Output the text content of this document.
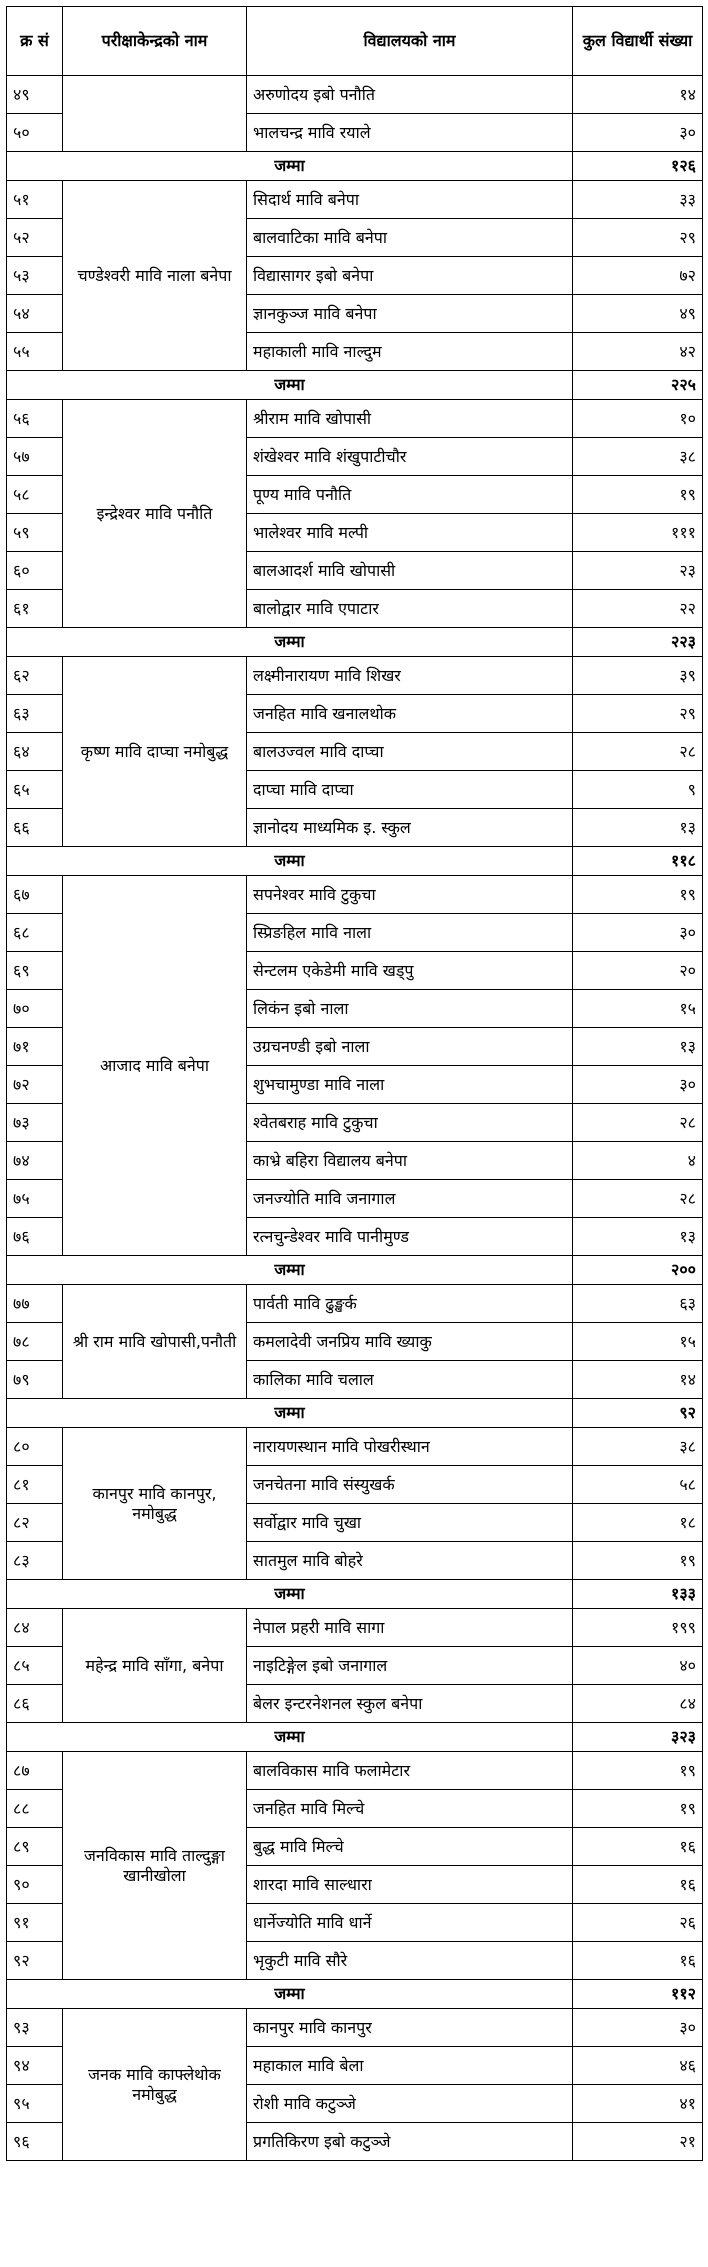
क्र सं	परीक्षाकेन्द्रको नाम	विद्यालयको नाम	कुल विद्यार्थी संख्या
४९		अरुणोदय इबो पनौति	१४
५०		भालचन्द्र मावि रयाले	३०
जम्मा			१२६
५१	चण्डेश्वरी मावि नाला बनेपा	सिदार्थ मावि बनेपा	३३
५२		बालवाटिका मावि बनेपा	२९
५३		विद्यासागर इबो बनेपा	७२
५४		ज्ञानकुञ्ज मावि बनेपा	४९
५५		महाकाली मावि नाल्दुम	४२
जम्मा			२२५
५६	इन्द्रेश्वर मावि पनौति	श्रीराम मावि खोपासी	१०
५७		शंखेश्वर मावि शंखुपाटीचौर	३८
५८		पूण्य मावि पनौति	१९
५९		भालेश्वर मावि मल्पी	१११
६०		बालआदर्श मावि खोपासी	२३
६१		बालोद्वार मावि एपाटार	२२
जम्मा			२२३
६२	कृष्ण मावि दाप्चा नमोबुद्ध	लक्ष्मीनारायण मावि शिखर	३९
६३		जनहित मावि खनालथोक	२९
६४		बालउज्वल मावि दाप्चा	२८
६५		दाप्चा मावि दाप्चा	९
६६		ज्ञानोदय माध्यमिक इ. स्कुल	१३
जम्मा			११८
६७	आजाद मावि बनेपा	सपनेश्वर मावि टुकुचा	१९
६८		स्प्रिङहिल मावि नाला	३०
६९		सेन्टलम एकेडेमी मावि खड्पु	२०
७०		लिकंन इबो नाला	१५
७१		उग्रचनण्डी इबो नाला	१३
७२		शुभचामुण्डा मावि नाला	३०
७३		श्वेतबराह मावि टुकुचा	२८
७४		काभ्रे बहिरा विद्यालय बनेपा	४
७५		जनज्योति मावि जनागाल	२८
७६		रत्नचुन्डेश्वर मावि पानीमुण्ड	१३
जम्मा			२००
७७	श्री राम मावि खोपासी,पनौती	पार्वती मावि ढुङ्खर्क	६३
७८		कमलादेवी जनप्रिय मावि ख्याकु	१५
७९		कालिका मावि चलाल	१४
जम्मा			९२
८०	कानपुर मावि कानपुर, नमोबुद्ध	नारायणस्थान मावि पोखरीस्थान	३८
८१		जनचेतना मावि संस्युखर्क	५८
८२		सर्वोद्वार मावि चुखा	१८
८३		सातमुल मावि बोहरे	१९
जम्मा			१३३
८४	महेन्द्र मावि साँगा, बनेपा	नेपाल प्रहरी मावि सागा	१९९
८५		नाइटिङ्गेल इबो जनागाल	४०
८६		बेलर इन्टरनेशनल स्कुल बनेपा	८४
जम्मा			३२३
८७	जनविकास मावि ताल्दुङ्गा खानीखोला	बालविकास मावि फलामेटार	१९
८८		जनहित मावि मिल्चे	१९
८९		बुद्ध मावि मिल्चे	१६
९०		शारदा मावि साल्धारा	१६
९१		धार्नेज्योति मावि धार्ने	२६
९२		भृकुटी मावि सौरे	१६
जम्मा			११२
९३	जनक मावि काफ्लेथोक नमोबुद्ध	कानपुर मावि कानपुर	३०
९४		महाकाल मावि बेला	४६
९५		रोशी मावि कटुञ्जे	४१
९६		प्रगतिकिरण इबो कटुञ्जे	२१
